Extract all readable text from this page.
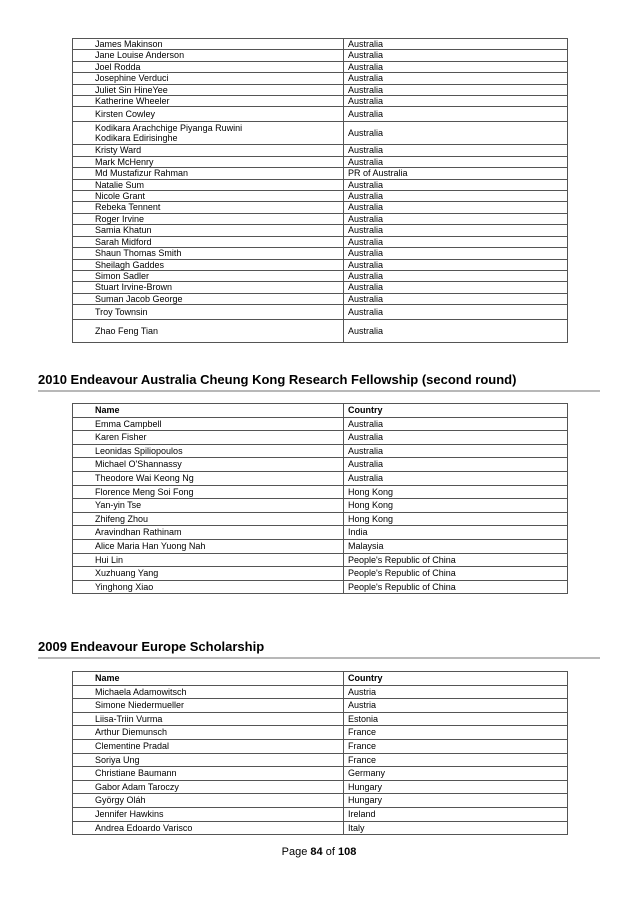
James Makinson	Australia
Jane Louise Anderson	Australia
Joel Rodda	Australia
Josephine Verduci	Australia
Juliet Sin HineYee	Australia
Katherine Wheeler	Australia
Kirsten Cowley	Australia

Kodikara Arachchige Piyanga Ruwini
Kodikara Edirisinghe	Australia
Kristy Ward	Australia
Mark McHenry	Australia
Md Mustafizur Rahman	PR of Australia
Natalie Sum	Australia
Nicole Grant	Australia
Rebeka Tennent	Australia
Roger Irvine	Australia
Samia Khatun	Australia
Sarah Midford	Australia
Shaun Thomas Smith	Australia
Sheilagh Gaddes	Australia
Simon Sadler	Australia
Stuart Irvine-Brown	Australia
Suman Jacob George	Australia
Troy Townsin	Australia
Zhao Feng Tian	Australia
2010 Endeavour Australia Cheung Kong Research Fellowship (second round)
Name	Country
Emma Campbell	Australia
Karen Fisher	Australia
Leonidas Spiliopoulos	Australia
Michael O'Shannassy	Australia
Theodore Wai Keong Ng	Australia
Florence Meng Soi Fong	Hong Kong
Yan-yin Tse	Hong Kong
Zhifeng Zhou	Hong Kong
Aravindhan Rathinam	India
Alice Maria Han Yuong Nah	Malaysia
Hui Lin	People's Republic of China
Xuzhuang Yang	People's Republic of China
Yinghong Xiao	People's Republic of China
2009 Endeavour Europe Scholarship
Name	Country
Michaela Adamowitsch	Austria
Simone Niedermueller	Austria
Liisa-Triin Vurma	Estonia
Arthur Diemunsch	France
Clementine Pradal	France
Soriya Ung	France
Christiane Baumann	Germany
Gabor Adam Taroczy	Hungary
György Oláh	Hungary
Jennifer Hawkins	Ireland
Andrea Edoardo Varisco	Italy
Page 84 of 108
